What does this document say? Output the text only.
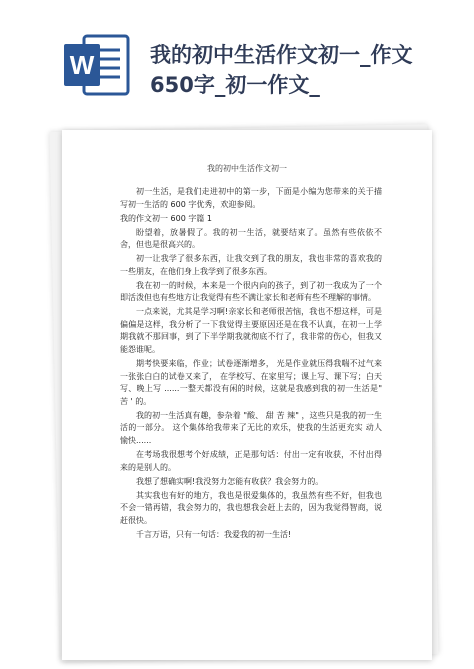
W	我的初中生活作文初一_作文
650字_初一作文_
我的初中生活作文初一

初一生活，是我们走进初中的第一步，下面是小编为您带来的关于描写初一生活的 600 字优秀，欢迎参阅。

我的作文初一 600 字篇 1

盼望着，放暑假了。我的初一生活，就要结束了。虽然有些依依不舍，但也是很高兴的。

初一让我学了很多东西，让我交到了我的朋友，我也非常的喜欢我的一些朋友，在他们身上我学到了很多东西。

我在初一的时候，本来是一个很内向的孩子，到了初一我成为了一个即活泼但也有些地方让我觉得有些不满让家长和老师有些不理解的事情。

一点来说，尤其是学习啊!亲家长和老师很苦恼，我也不想这样，可是偏偏是这样，我分析了一下我觉得主要原因还是在我不认真，在初一上学期我就不那回事，到了下半学期我就彻底不行了，我非常的伤心，但我又能怨谁呢。

期考快要来临，作业；试卷逐渐增多， 光是作业就压得我喘不过气来一张张白白的试卷又来了， 在学校写、在家里写；课上写、课下写；白天写、晚上写 ......一整天都没有闲的时候，这就是我感到我的初一生活是" 苦 ' 的。

我的初一生活真有趣，参杂着 "酸、 甜 苦 辣" ，这些只是我的初一生活的一部分。 这个集体给我带来了无比的欢乐，使我的生活更充实 动人 愉快......

在考场我很想考个好成绩，正是那句话：付出一定有收获，不付出得来的是别人的。

我想了想确实啊!我没努力怎能有收获？我会努力的。

其实我也有好的地方，我也是很爱集体的，我虽然有些不好，但我也不会一错再错，我会努力的，我也想我会赶上去的，因为我觉得智商，说赶很快。

千言万语，只有一句话：我爱我的初一生活!
